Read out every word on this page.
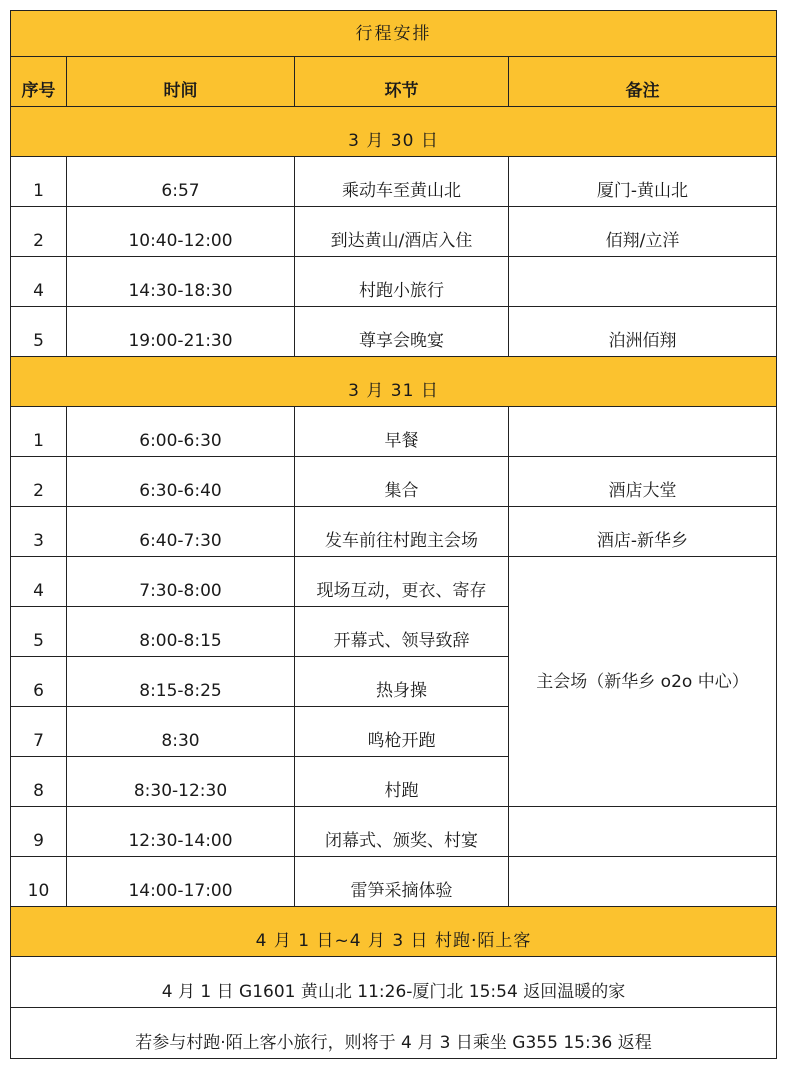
行程安排			
序号	时间	环节	备注
3 月 30 日			
1	6:57	乘动车至黄山北	厦门-黄山北
2	10:40-12:00	到达黄山/酒店入住	佰翔/立洋
4	14:30-18:30	村跑小旅行	
5	19:00-21:30	尊享会晚宴	泊洲佰翔
3 月 31 日			
1	6:00-6:30	早餐	
2	6:30-6:40	集合	酒店大堂
3	6:40-7:30	发车前往村跑主会场	酒店-新华乡
4	7:30-8:00	现场互动，更衣、寄存	主会场（新华乡 o2o 中心）
5	8:00-8:15	开幕式、领导致辞	
6	8:15-8:25	热身操	
7	8:30	鸣枪开跑	
8	8:30-12:30	村跑	
9	12:30-14:00	闭幕式、颁奖、村宴	
10	14:00-17:00	雷笋采摘体验	
4 月 1 日~4 月 3 日 村跑·陌上客			
4 月 1 日 G1601 黄山北 11:26-厦门北 15:54 返回温暖的家			
若参与村跑·陌上客小旅行，则将于 4 月 3 日乘坐 G355 15:36 返程			
